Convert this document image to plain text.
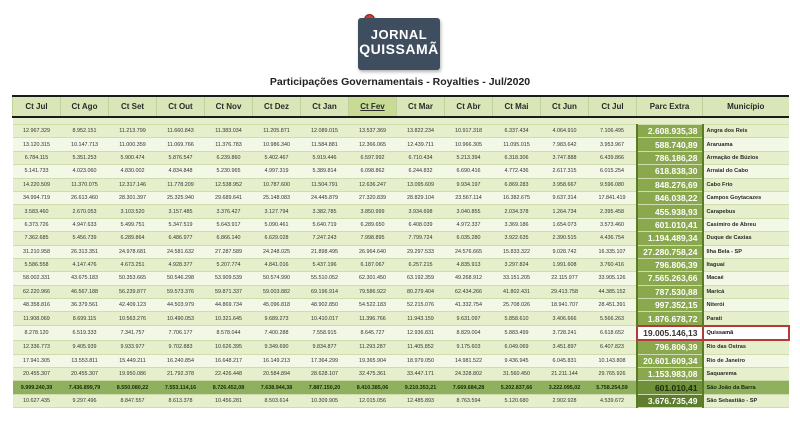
JORNAL
QUISSAMÃ
Participações Governamentais - Royalties - Jul/2020
Ct Jul	Ct Ago	Ct Set	Ct Out	Ct Nov	Ct Dez	Ct Jan	Ct Fev	Ct Mar	Ct Abr	Ct Mai	Ct Jun	Ct Jul	Parc Extra	Município

12.967.329	8.952.151	11.213.799	11.660.843	11.383.034	11.205.871	12.089.015	13.537.369	13.822.234	10.917.318	6.337.434	4.064.910	7.106.495	2.608.935,38	Angra dos Reis
13.120.315	10.147.713	11.000.359	11.069.766	11.376.783	10.986.340	11.584.881	12.366.065	12.439.711	10.966.305	11.095.015	7.983.642	3.953.967	588.740,89	Araruama
6.784.115	5.351.253	5.900.474	5.876.547	6.239.860	5.402.467	5.919.446	6.597.992	6.710.434	5.213.394	6.318.306	3.747.888	6.439.866	786.186,28	Armação de Búzios
5.141.733	4.023.060	4.830.002	4.834.848	5.230.965	4.997.319	5.389.814	6.098.862	6.244.832	6.690.416	4.772.436	2.617.315	6.015.254	618.838,30	Arraial do Cabo
14.220.509	11.370.075	12.317.146	11.778.209	12.538.952	10.787.600	11.504.791	12.636.247	13.095.609	9.934.197	6.869.283	3.958.667	9.596.080	848.276,69	Cabo Frio
34.994.719	26.613.460	28.301.397	25.325.940	29.689.641	25.148.083	24.445.879	27.320.839	28.829.104	23.567.114	16.382.675	9.637.314	17.841.419	846.038,22	Campos Goytacazes
3.583.460	2.670.053	3.103.520	3.157.485	3.376.427	3.127.794	3.382.785	3.850.999	3.934.698	3.040.855	2.034.378	1.264.734	2.395.458	455.938,93	Carapebus
6.373.726	4.947.633	5.499.751	5.347.519	5.643.917	5.090.461	5.640.719	6.289.650	6.408.039	4.972.337	3.369.186	1.654.073	3.573.460	601.010,41	Casimiro de Abreu
7.362.685	5.456.739	6.289.864	6.486.977	6.866.140	6.629.028	7.247.243	7.998.895	7.799.724	6.035.280	3.922.635	2.390.515	4.436.754	1.194.489,34	Duque de Caxias
31.210.958	26.313.351	24.978.681	24.581.632	27.287.589	24.248.025	21.898.495	26.964.640	29.297.533	24.576.665	15.833.322	9.028.742	16.335.107	27.280.758,24	Ilha Bela - SP
5.586.558	4.147.476	4.673.251	4.928.377	5.207.774	4.841.016	5.437.196	6.187.067	6.257.215	4.835.913	3.297.824	1.991.608	3.760.416	796.806,39	Itaguaí
58.002.331	43.675.183	50.353.665	50.546.298	53.909.539	50.574.990	55.510.052	62.301.450	63.192.359	49.268.912	33.151.205	22.115.977	33.905.126	7.565.263,66	Macaé
62.220.966	46.567.188	56.239.877	59.573.376	59.871.337	59.003.882	69.196.914	79.586.922	80.279.404	62.434.266	41.802.431	29.413.758	44.385.152	787.530,88	Maricá
48.358.816	36.379.561	42.409.123	44.503.979	44.869.734	45.096.818	48.902.850	54.522.183	52.215.076	41.332.754	25.708.026	18.941.707	28.451.391	997.352,15	Niterói
11.908.069	8.699.115	10.563.276	10.490.053	10.321.645	9.689.273	10.410.017	11.396.766	11.943.159	9.631.097	5.858.610	3.406.666	5.566.263	1.876.678,72	Parati
8.278.120	6.519.333	7.341.757	7.706.177	8.578.044	7.400.288	7.558.915	8.645.727	12.936.831	8.829.004	5.883.499	3.728.241	6.618.652	19.005.146,13	Quissamã
12.336.773	9.405.939	9.933.977	9.702.883	10.626.395	9.349.690	9.834.877	11.293.287	11.405.852	9.175.603	6.049.069	3.451.897	6.407.823	796.806,39	Rio das Ostras
17.941.305	13.553.811	15.449.211	16.240.854	16.648.217	16.149.213	17.364.299	19.365.904	18.979.050	14.981.522	9.436.945	6.045.831	10.143.808	20.601.609,34	Rio de Janeiro
20.455.307	20.455.307	19.950.086	21.792.378	22.426.448	20.584.894	28.628.107	32.475.361	33.447.171	24.328.802	31.560.450	21.211.144	29.765.926	1.153.983,08	Saquarema
9.999.240,39	7.436.899,79	8.550.080,22	7.553.114,16	8.726.452,08	7.638.944,38	7.887.150,20	8.410.385,06	9.210.353,21	7.669.684,28	5.202.837,66	3.222.095,02	5.758.254,59	601.010,41	São João da Barra
10.627.435	9.297.496	8.847.557	8.613.378	10.456.281	8.503.614	10.309.905	12.015.056	12.485.893	8.763.594	5.120.680	2.902.928	4.539.672	3.676.735,49	São Sebastião - SP
